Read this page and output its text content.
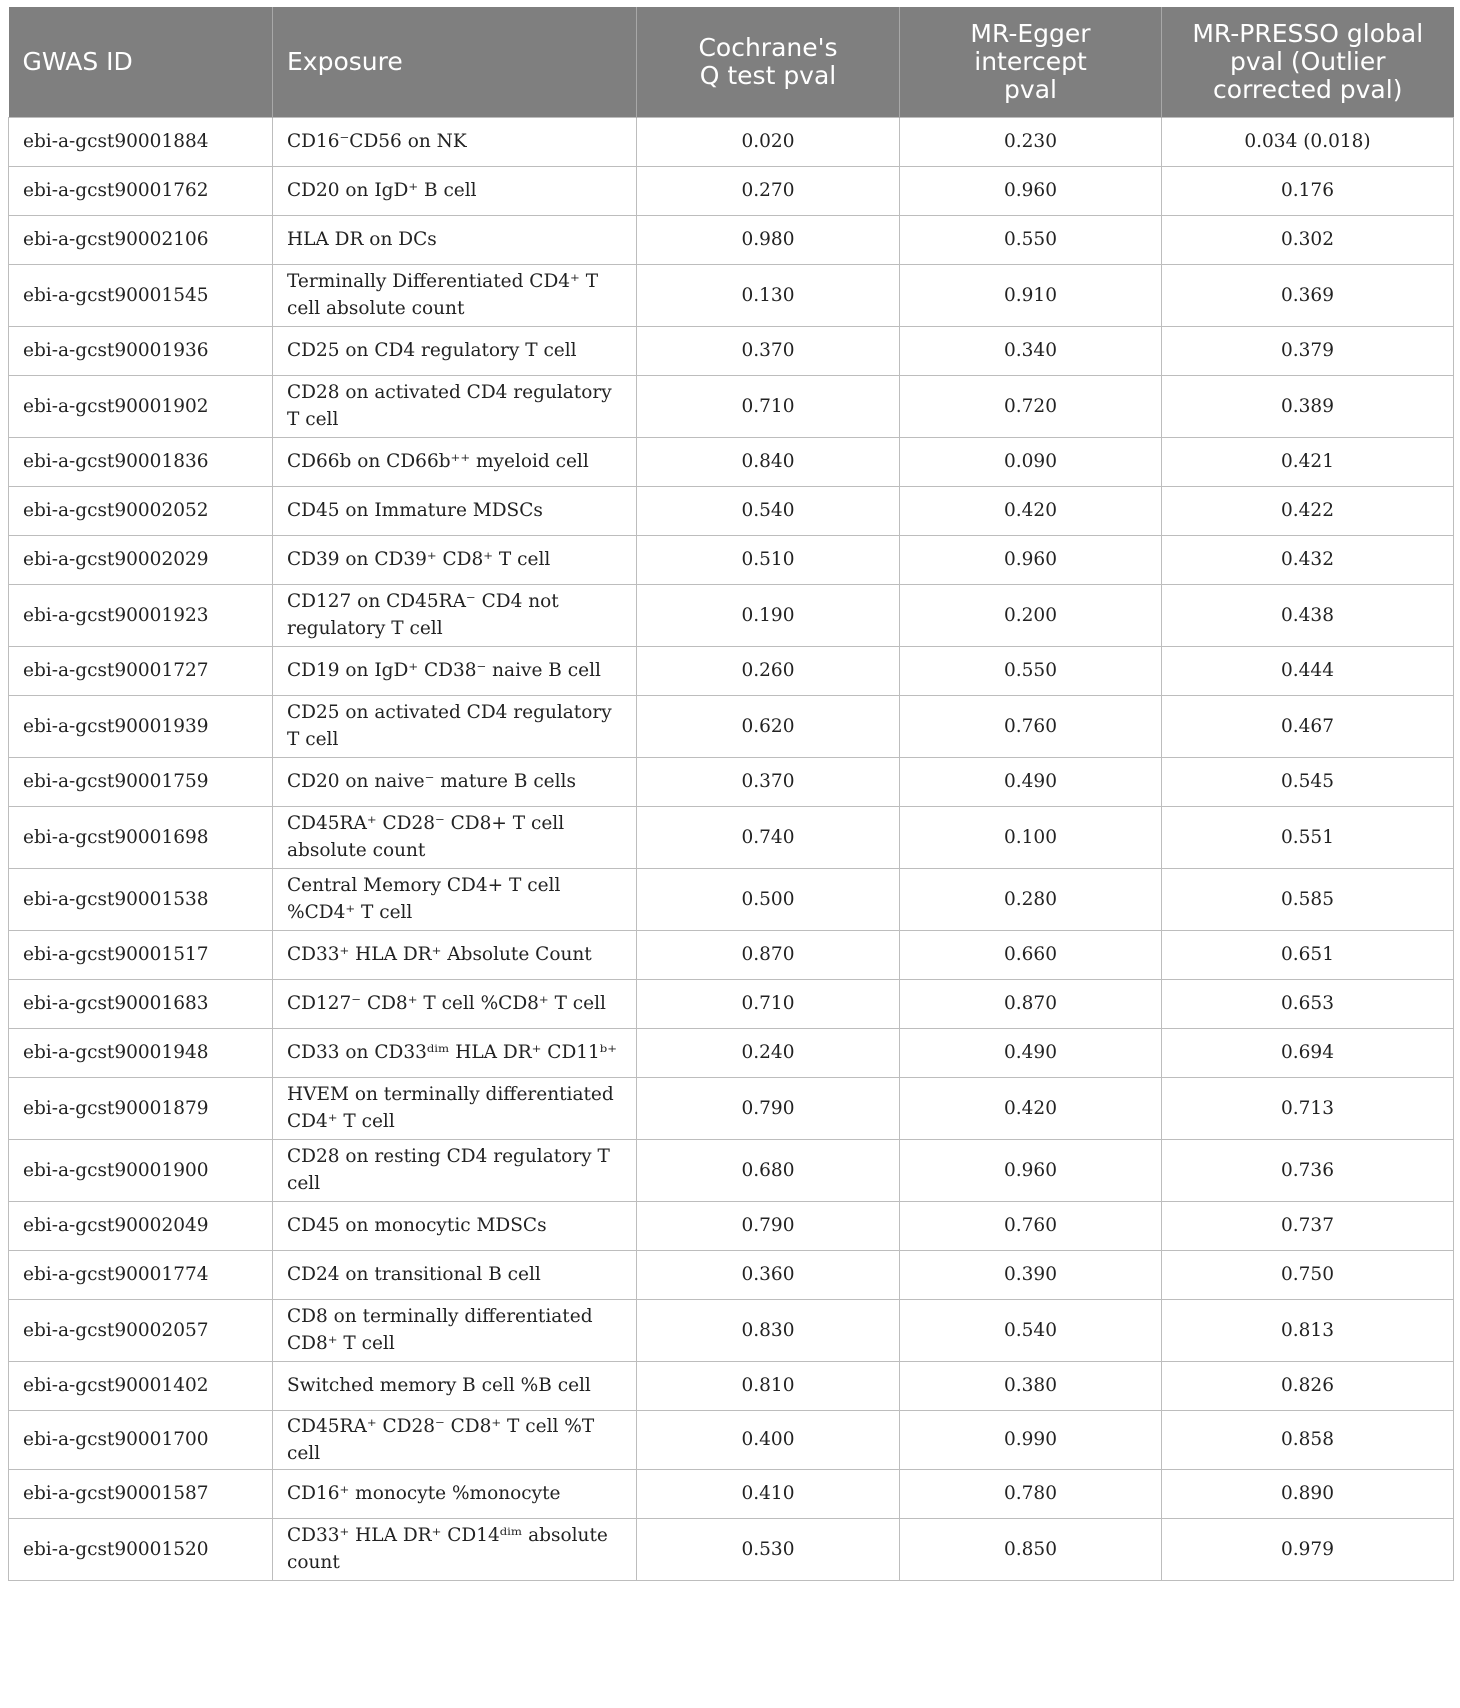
GWAS ID	Exposure	Cochrane's Q test pval	MR-Egger intercept pval	MR-PRESSO global pval (Outlier corrected pval)
ebi-a-gcst90001884	CD16⁻CD56 on NK	0.020	0.230	0.034 (0.018)
ebi-a-gcst90001762	CD20 on IgD⁺ B cell	0.270	0.960	0.176
ebi-a-gcst90002106	HLA DR on DCs	0.980	0.550	0.302
ebi-a-gcst90001545	Terminally Differentiated CD4⁺ T cell absolute count	0.130	0.910	0.369
ebi-a-gcst90001936	CD25 on CD4 regulatory T cell	0.370	0.340	0.379
ebi-a-gcst90001902	CD28 on activated CD4 regulatory T cell	0.710	0.720	0.389
ebi-a-gcst90001836	CD66b on CD66b⁺⁺ myeloid cell	0.840	0.090	0.421
ebi-a-gcst90002052	CD45 on Immature MDSCs	0.540	0.420	0.422
ebi-a-gcst90002029	CD39 on CD39⁺ CD8⁺ T cell	0.510	0.960	0.432
ebi-a-gcst90001923	CD127 on CD45RA⁻ CD4 not regulatory T cell	0.190	0.200	0.438
ebi-a-gcst90001727	CD19 on IgD⁺ CD38⁻ naive B cell	0.260	0.550	0.444
ebi-a-gcst90001939	CD25 on activated CD4 regulatory T cell	0.620	0.760	0.467
ebi-a-gcst90001759	CD20 on naive⁻ mature B cells	0.370	0.490	0.545
ebi-a-gcst90001698	CD45RA⁺ CD28⁻ CD8+ T cell absolute count	0.740	0.100	0.551
ebi-a-gcst90001538	Central Memory CD4+ T cell %CD4⁺ T cell	0.500	0.280	0.585
ebi-a-gcst90001517	CD33⁺ HLA DR⁺ Absolute Count	0.870	0.660	0.651
ebi-a-gcst90001683	CD127⁻ CD8⁺ T cell %CD8⁺ T cell	0.710	0.870	0.653
ebi-a-gcst90001948	CD33 on CD33ᵈⁱᵐ HLA DR⁺ CD11ᵇ⁺	0.240	0.490	0.694
ebi-a-gcst90001879	HVEM on terminally differentiated CD4⁺ T cell	0.790	0.420	0.713
ebi-a-gcst90001900	CD28 on resting CD4 regulatory T cell	0.680	0.960	0.736
ebi-a-gcst90002049	CD45 on monocytic MDSCs	0.790	0.760	0.737
ebi-a-gcst90001774	CD24 on transitional B cell	0.360	0.390	0.750
ebi-a-gcst90002057	CD8 on terminally differentiated CD8⁺ T cell	0.830	0.540	0.813
ebi-a-gcst90001402	Switched memory B cell %B cell	0.810	0.380	0.826
ebi-a-gcst90001700	CD45RA⁺ CD28⁻ CD8⁺ T cell %T cell	0.400	0.990	0.858
ebi-a-gcst90001587	CD16⁺ monocyte %monocyte	0.410	0.780	0.890
ebi-a-gcst90001520	CD33⁺ HLA DR⁺ CD14ᵈⁱᵐ absolute count	0.530	0.850	0.979
